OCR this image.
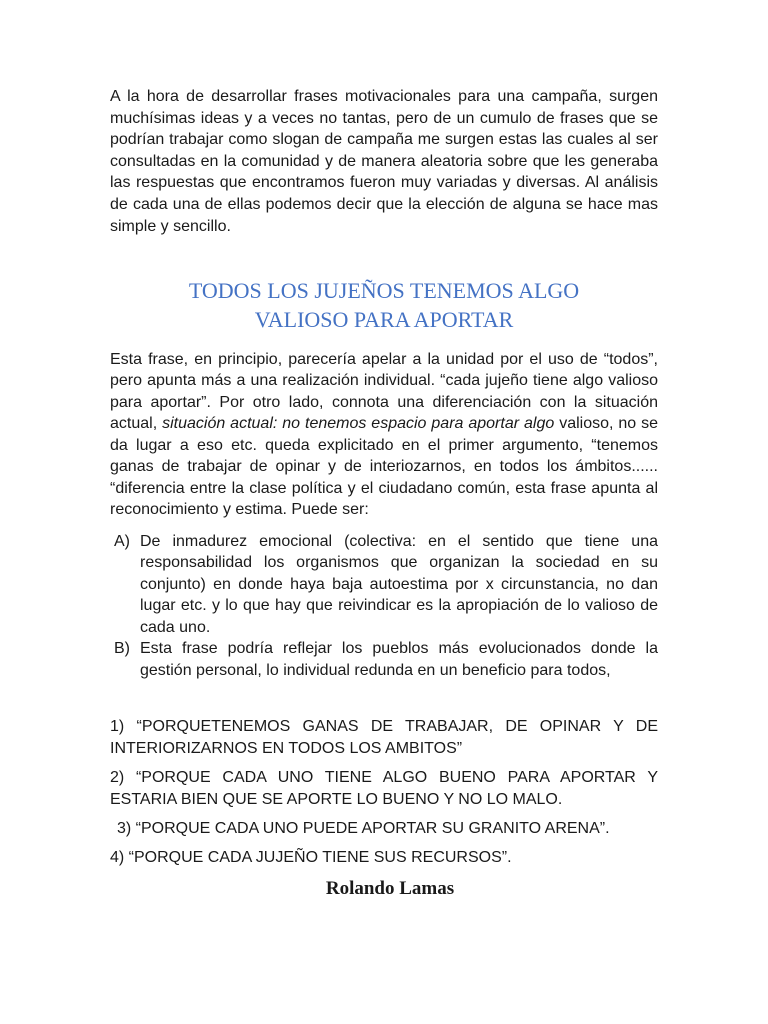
A la hora de desarrollar frases motivacionales para una campaña, surgen muchísimas ideas y a veces no tantas, pero de un cumulo de frases que se podrían trabajar como slogan de campaña me surgen estas las cuales al ser consultadas en la comunidad y de manera aleatoria sobre que les generaba las respuestas que encontramos fueron muy variadas y diversas. Al análisis de cada una de ellas podemos decir que la elección de alguna se hace mas simple y sencillo.

TODOS LOS JUJEÑOS TENEMOS ALGO
VALIOSO PARA APORTAR

Esta frase, en principio, parecería apelar a la unidad por el uso de “todos”, pero apunta más a una realización individual. “cada jujeño tiene algo valioso para aportar”. Por otro lado, connota una diferenciación con la situación actual, situación actual: no tenemos espacio para aportar algo valioso, no se da lugar a eso etc. queda explicitado en el primer argumento, “tenemos ganas de trabajar de opinar y de interiozarnos, en todos los ámbitos...... “diferencia entre la clase política y el ciudadano común, esta frase apunta al reconocimiento y estima. Puede ser:

A) De inmadurez emocional (colectiva: en el sentido que tiene una responsabilidad los organismos que organizan la sociedad en su conjunto) en donde haya baja autoestima por x circunstancia, no dan lugar etc. y lo que hay que reivindicar es la apropiación de lo valioso de cada uno.
B) Esta frase podría reflejar los pueblos más evolucionados donde la gestión personal, lo individual redunda en un beneficio para todos,

1) “PORQUETENEMOS GANAS DE TRABAJAR, DE OPINAR Y DE INTERIORIZARNOS EN TODOS LOS AMBITOS”

2) “PORQUE CADA UNO TIENE ALGO BUENO PARA APORTAR Y ESTARIA BIEN QUE SE APORTE LO BUENO Y NO LO MALO.

3) “PORQUE CADA UNO PUEDE APORTAR SU GRANITO ARENA”.

4) “PORQUE CADA JUJEÑO TIENE SUS RECURSOS”.

Rolando Lamas
